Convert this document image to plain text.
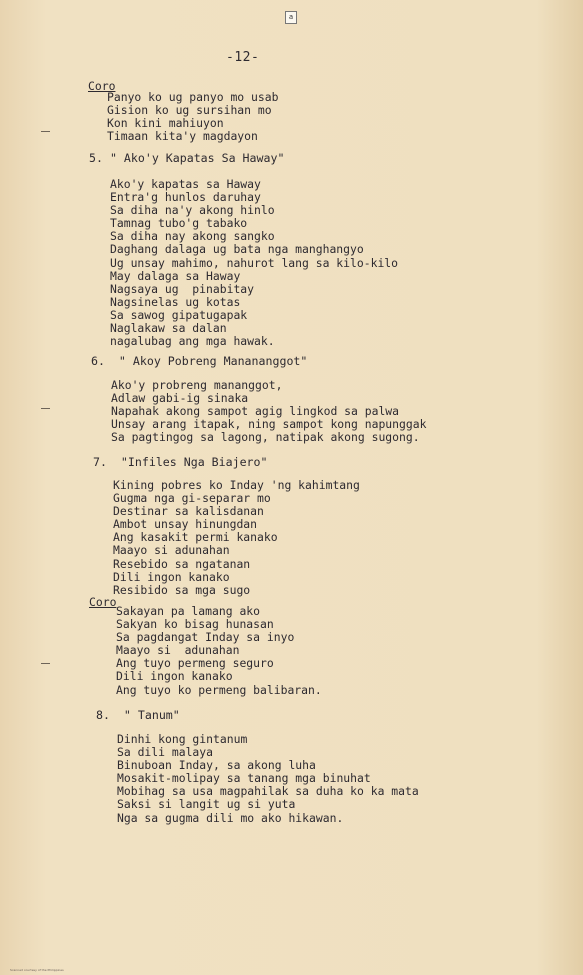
a
-12-
Coro
Panyo ko ug panyo mo usab
Gision ko ug sursihan mo
Kon kini mahiuyon
Timaan kita'y magdayon
5. " Ako'y Kapatas Sa Haway"
Ako'y kapatas sa Haway
Entra'g hunlos daruhay
Sa diha na'y akong hinlo
Tamnag tubo'g tabako
Sa diha nay akong sangko
Daghang dalaga ug bata nga manghangyo
Ug unsay mahimo, nahurot lang sa kilo-kilo
May dalaga sa Haway
Nagsaya ug  pinabitay
Nagsinelas ug kotas
Sa sawog gipatugapak
Naglakaw sa dalan
nagalubag ang mga hawak.
6.  " Akoy Pobreng Manananggot"
Ako'y probreng mananggot,
Adlaw gabi-ig sinaka
Napahak akong sampot agig lingkod sa palwa
Unsay arang itapak, ning sampot kong napunggak
Sa pagtingog sa lagong, natipak akong sugong.
7.  "Infiles Nga Biajero"
Kining pobres ko Inday 'ng kahimtang
Gugma nga gi-separar mo
Destinar sa kalisdanan
Ambot unsay hinungdan
Ang kasakit permi kanako
Maayo si adunahan
Resebido sa ngatanan
Dili ingon kanako
Resibido sa mga sugo
Coro
Sakayan pa lamang ako
Sakyan ko bisag hunasan
Sa pagdangat Inday sa inyo
Maayo si  adunahan
Ang tuyo permeng seguro
Dili ingon kanako
Ang tuyo ko permeng balibaran.
8.  " Tanum"
Dinhi kong gintanum
Sa dili malaya
Binuboan Inday, sa akong luha
Mosakit-molipay sa tanang mga binuhat
Mobihag sa usa magpahilak sa duha ko ka mata
Saksi si langit ug si yuta
Nga sa gugma dili mo ako hikawan.
Scanned courtesy of the Philippines
